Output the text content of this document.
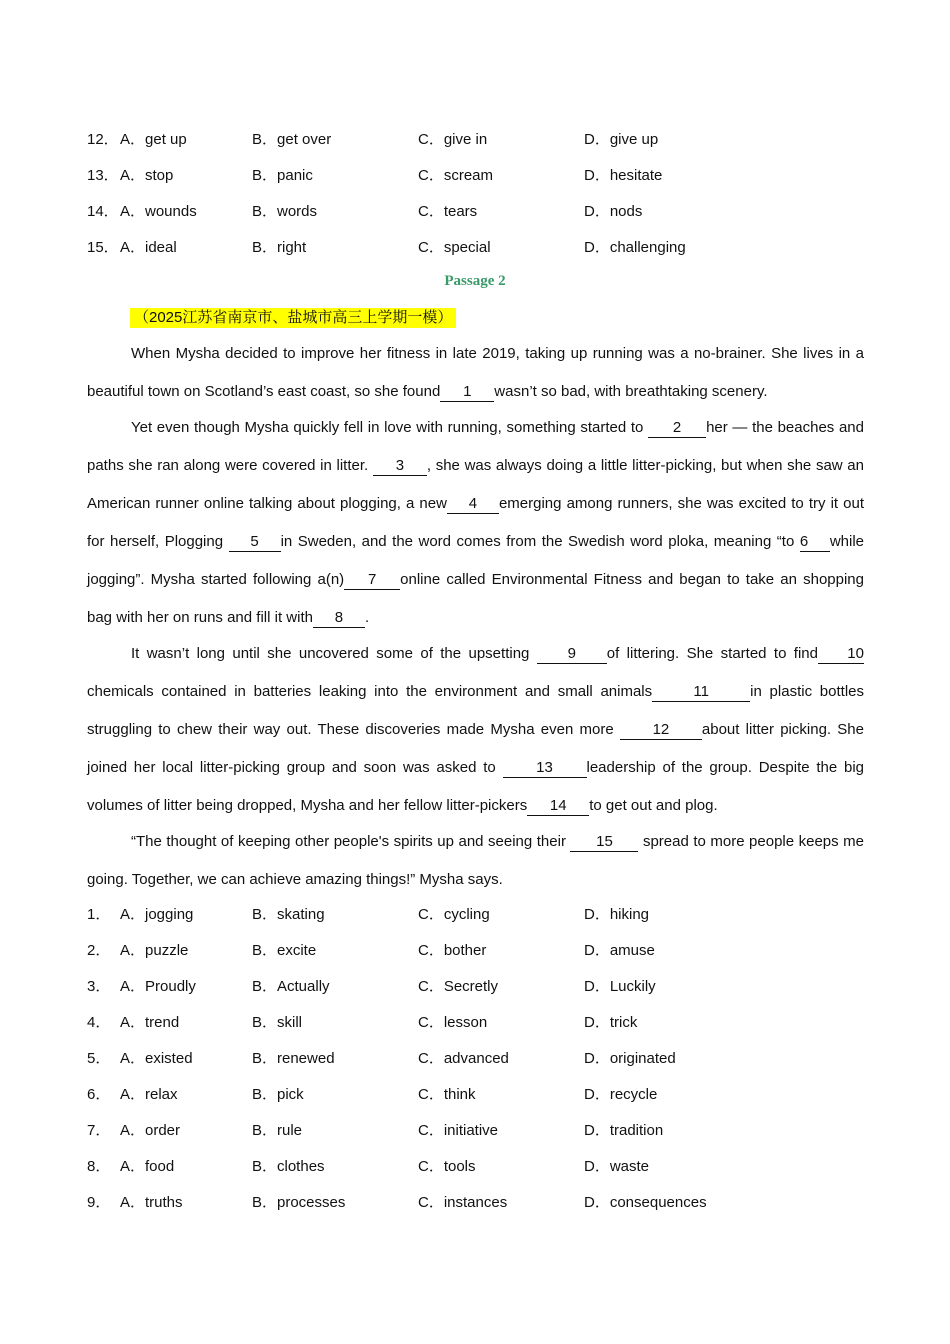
12． A．get up	B．get over	C．give in	D．give up
13． A．stop	B．panic	C．scream	D．hesitate
14． A．wounds	B．words	C．tears	D．nods
15． A．ideal	B．right	C．special	D．challenging
Passage 2
（2025江苏省南京市、盐城市高三上学期一模）

When Mysha decided to improve her fitness in late 2019, taking up running was a no-brainer. She lives in a beautiful town on Scotland’s east coast, so she found 1 wasn’t so bad, with breathtaking scenery.

Yet even though Mysha quickly fell in love with running, something started to 2 her — the beaches and paths she ran along were covered in litter. 3 , she was always doing a little litter-picking, but when she saw an American runner online talking about plogging, a new 4 emerging among runners, she was excited to try it out for herself, Plogging 5 in Sweden, and the word comes from the Swedish word ploka, meaning “to 6 while jogging”. Mysha started following a(n) 7 online called Environmental Fitness and began to take an shopping bag with her on runs and fill it with 8 .

It wasn’t long until she uncovered some of the upsetting 9 of littering. She started to find 10 chemicals contained in batteries leaking into the environment and small animals	11	in plastic bottles struggling to chew their way out. These discoveries made Mysha even more 12 about litter picking. She joined her local litter-picking group and soon was asked to 13 leadership of the group. Despite the big volumes of litter being dropped, Mysha and her fellow litter-pickers 14 to get out and plog.

“The thought of keeping other people's spirits up and seeing their 15 spread to more people keeps me going. Together, we can achieve amazing things!” Mysha says.

1． A．jogging	B．skating	C．cycling	D．hiking
2． A．puzzle	B．excite	C．bother	D．amuse
3． A．Proudly	B．Actually	C．Secretly	D．Luckily
4． A．trend	B．skill	C．lesson	D．trick
5． A．existed	B．renewed	C．advanced	D．originated
6． A．relax	B．pick	C．think	D．recycle
7． A．order	B．rule	C．initiative	D．tradition
8． A．food	B．clothes	C．tools	D．waste
9． A．truths	B．processes	C．instances	D．consequences
